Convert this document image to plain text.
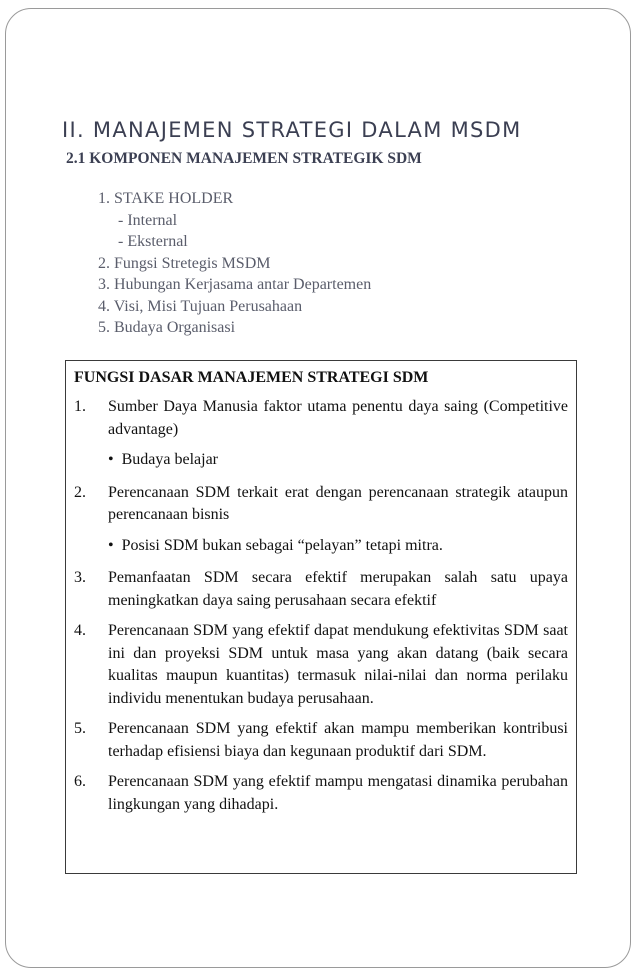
II. MANAJEMEN STRATEGI DALAM MSDM
2.1 KOMPONEN MANAJEMEN STRATEGIK SDM
1. STAKE HOLDER
- Internal
- Eksternal
2. Fungsi Stretegis MSDM
3. Hubungan Kerjasama antar Departemen
4. Visi, Misi Tujuan Perusahaan
5. Budaya Organisasi
FUNGSI DASAR MANAJEMEN STRATEGI SDM
1.	Sumber Daya Manusia faktor utama penentu daya saing (Competitive advantage)
• Budaya belajar
2.	Perencanaan SDM terkait erat dengan perencanaan strategik ataupun perencanaan bisnis
• Posisi SDM bukan sebagai “pelayan” tetapi mitra.
3.	Pemanfaatan SDM secara efektif merupakan salah satu upaya meningkatkan daya saing perusahaan secara efektif
4.	Perencanaan SDM yang efektif dapat mendukung efektivitas SDM saat ini dan proyeksi SDM untuk masa yang akan datang (baik secara kualitas maupun kuantitas) termasuk nilai-nilai dan norma perilaku individu menentukan budaya perusahaan.
5.	Perencanaan SDM yang efektif akan mampu memberikan kontribusi terhadap efisiensi biaya dan kegunaan produktif dari SDM.
6.	Perencanaan SDM yang efektif mampu mengatasi dinamika perubahan lingkungan yang dihadapi.
